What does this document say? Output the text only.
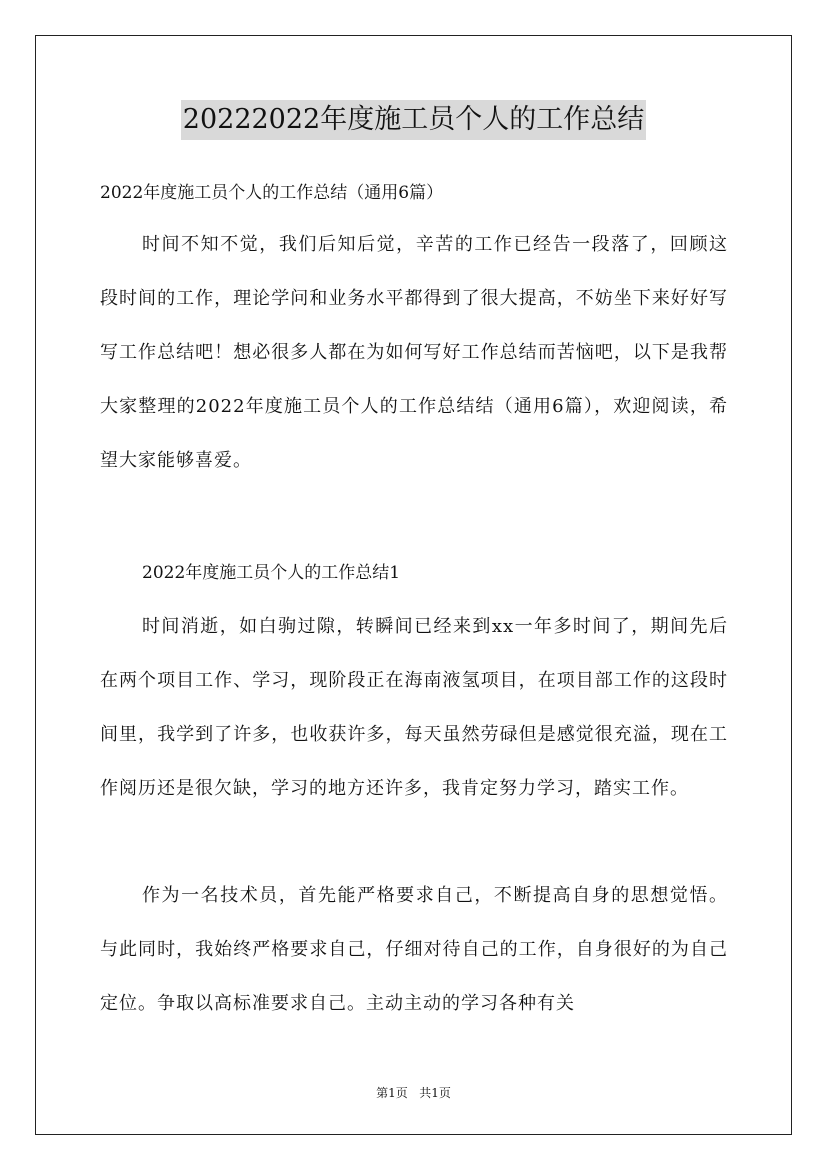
20222022年度施工员个人的工作总结
2022年度施工员个人的工作总结（通用6篇）

时间不知不觉，我们后知后觉，辛苦的工作已经告一段落了，回顾这段时间的工作，理论学问和业务水平都得到了很大提高，不妨坐下来好好写写工作总结吧！想必很多人都在为如何写好工作总结而苦恼吧，以下是我帮大家整理的2022年度施工员个人的工作总结结（通用6篇），欢迎阅读，希望大家能够喜爱。

2022年度施工员个人的工作总结1

时间消逝，如白驹过隙，转瞬间已经来到xx一年多时间了，期间先后在两个项目工作、学习，现阶段正在海南液氢项目，在项目部工作的这段时间里，我学到了许多，也收获许多，每天虽然劳碌但是感觉很充溢，现在工作阅历还是很欠缺，学习的地方还许多，我肯定努力学习，踏实工作。

作为一名技术员，首先能严格要求自己，不断提高自身的思想觉悟。与此同时，我始终严格要求自己，仔细对待自己的工作，自身很好的为自己定位。争取以高标准要求自己。主动主动的学习各种有关

第1页 共1页
